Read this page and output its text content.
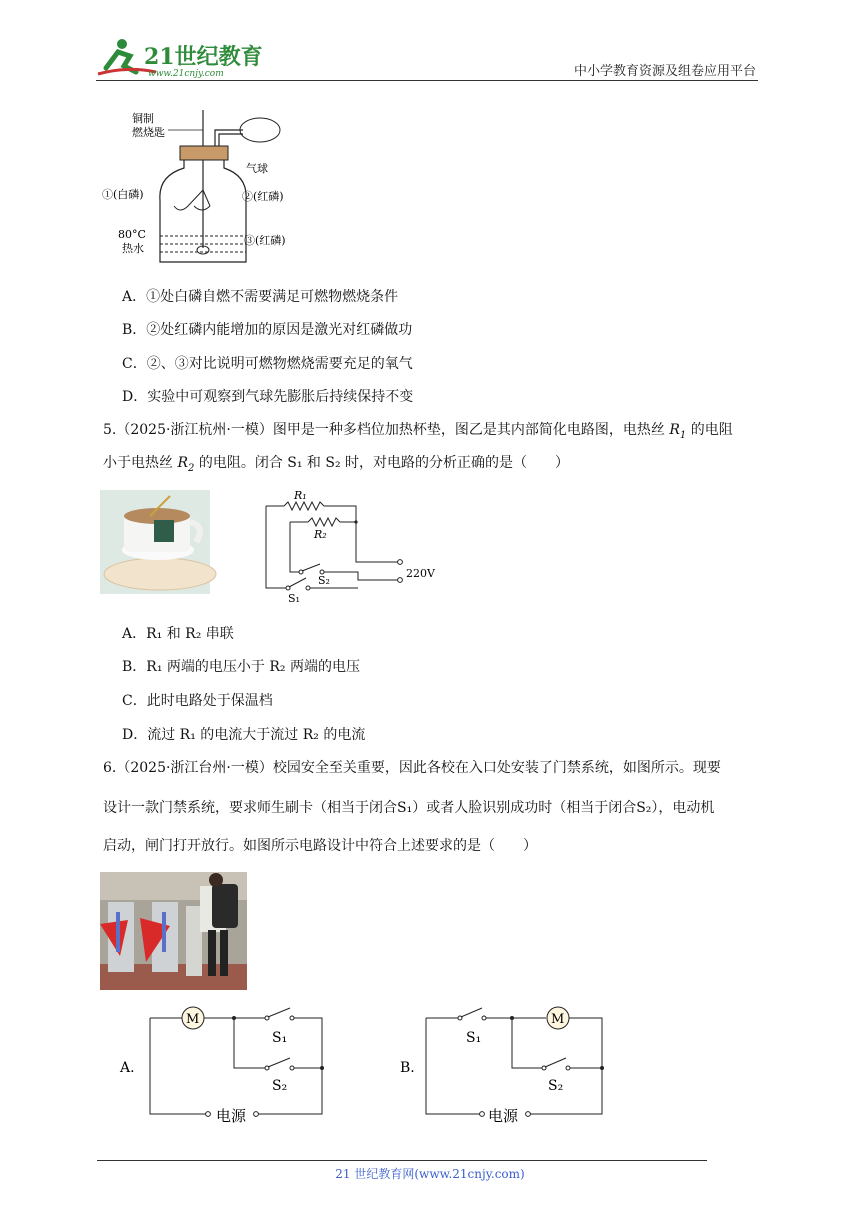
21世纪教育
www.21cnjy.com	中小学教育资源及组卷应用平台
铜制
燃烧匙
气球
①(白磷)	②(红磷)
80°C
热水
③(红磷)
A．①处白磷自燃不需要满足可燃物燃烧条件
B．②处红磷内能增加的原因是激光对红磷做功
C．②、③对比说明可燃物燃烧需要充足的氧气
D．实验中可观察到气球先膨胀后持续保持不变
5.（2025·浙江杭州·一模）图甲是一种多档位加热杯垫，图乙是其内部简化电路图，电热丝 $R_1$ 的电阻
小于电热丝 $R_2$ 的电阻。闭合 S₁ 和 S₂ 时，对电路的分析正确的是（　　）
R₁
R₂
S₂
S₁
220V
A．R₁ 和 R₂ 串联
B．R₁ 两端的电压小于 R₂ 两端的电压
C．此时电路处于保温档
D．流过 R₁ 的电流大于流过 R₂ 的电流
6.（2025·浙江台州·一模）校园安全至关重要，因此各校在入口处安装了门禁系统，如图所示。现要
设计一款门禁系统，要求师生刷卡（相当于闭合S₁）或者人脸识别成功时（相当于闭合S₂），电动机
启动，闸门打开放行。如图所示电路设计中符合上述要求的是（　　）
A.
M
S₁
S₂
电源
B.
M
S₁
S₂
电源
21 世纪教育网(www.21cnjy.com)
